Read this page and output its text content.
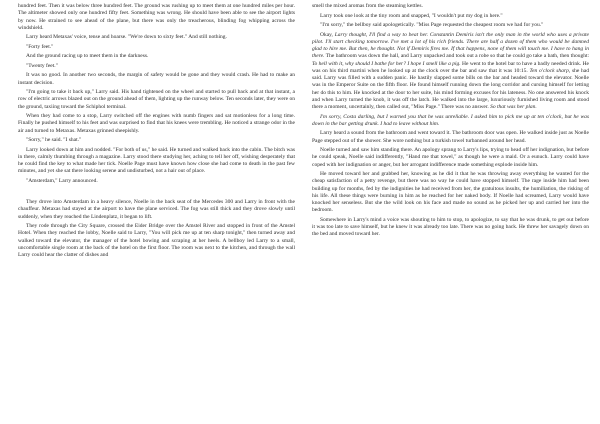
hundred feet. Then it was below three hundred feet. The ground was rushing up to meet them at one hundred miles per hour. The altimeter showed only one hundred fifty feet. Something was wrong. He should have been able to see the airport lights by now. He strained to see ahead of the plane, but there was only the treacherous, blinding fog whipping across the windshield.

Larry heard Metaxas' voice, tense and hoarse. "We're down to sixty feet." And still nothing.

"Forty feet."

And the ground racing up to meet them in the darkness.

"Twenty feet."

It was no good. In another two seconds, the margin of safety would be gone and they would crash. He had to make an instant decision.

"I'm going to take it back up," Larry said. His hand tightened on the wheel and started to pull back and at that instant, a row of electric arrows blazed out on the ground ahead of them, lighting up the runway below. Ten seconds later, they were on the ground, taxiing toward the Schiphol terminal.

When they had come to a stop, Larry switched off the engines with numb fingers and sat motionless for a long time. Finally he pushed himself to his feet and was surprised to find that his knees were trembling. He noticed a strange odor in the air and turned to Metaxas. Metaxas grinned sheepishly.

"Sorry," he said. "I shat."

Larry looked down at him and nodded. "For both of us," he said. He turned and walked back into the cabin. The bitch was in there, calmly thumbing through a magazine. Larry stood there studying her, aching to tell her off, wishing desperately that he could find the key to what made her tick. Noelle Page must have known how close she had come to death in the past few minutes, and yet she sat there looking serene and undisturbed, not a hair out of place.

"Amsterdam," Larry announced.

They drove into Amsterdam in a heavy silence, Noelle in the back seat of the Mercedes 300 and Larry in front with the chauffeur. Metaxas had stayed at the airport to have the plane serviced. The fog was still thick and they drove slowly until suddenly, when they reached the Lindenplatz, it began to lift.

They rode through the City Square, crossed the Eider Bridge over the Amstel River and stopped in front of the Amstel Hotel. When they reached the lobby, Noelle said to Larry, "You will pick me up at ten sharp tonight," then turned away and walked toward the elevator, the manager of the hotel bowing and scraping at her heels. A bellboy led Larry to a small, uncomfortable single room at the back of the hotel on the first floor. The room was next to the kitchen, and through the wall Larry could hear the clatter of dishes and

smell the mixed aromas from the steaming kettles.

Larry took one look at the tiny room and snapped, "I wouldn't put my dog in here."

"I'm sorry," the bellboy said apologetically. "Miss Page requested the cheapest room we had for you."

Okay, Larry thought, I'll find a way to beat her. Constantin Demiris isn't the only man in the world who uses a private pilot. I'll start checking tomorrow. I've met a lot of his rich friends. There are half a dozen of them who would be damned glad to hire me. But then, he thought. Not if Demiris fires me. If that happens, none of them will touch me. I have to hang in there. The bathroom was down the hall, and Larry unpacked and took out a robe so that he could go take a bath, then thought: To hell with it, why should I bathe for her? I hope I smell like a pig. He went to the hotel bar to have a badly needed drink. He was on his third martini when he looked up at the clock over the bar and saw that it was 10:15. Ten o'clock sharp, she had said. Larry was filled with a sudden panic. He hastily slapped some bills on the bar and headed toward the elevator. Noelle was in the Emperor Suite on the fifth floor. He found himself running down the long corridor and cursing himself for letting her do this to him. He knocked at the door to her suite, his mind forming excuses for his lateness. No one answered his knock and when Larry turned the knob, it was off the latch. He walked into the large, luxuriously furnished living room and stood there a moment, uncertainly, then called out, "Miss Page." There was no answer. So that was her plan.

I'm sorry, Costa darling, but I warned you that he was unreliable. I asked him to pick me up at ten o'clock, but he was down in the bar getting drunk. I had to leave without him.

Larry heard a sound from the bathroom and went toward it. The bathroom door was open. He walked inside just as Noelle Page stepped out of the shower. She wore nothing but a turkish towel turbanned around her head.

Noelle turned and saw him standing there. An apology sprang to Larry's lips, trying to head off her indignation, but before he could speak, Noelle said indifferently, "Hand me that towel," as though he were a maid. Or a eunuch. Larry could have coped with her indignation or anger, but her arrogant indifference made something explode inside him.

He moved toward her and grabbed her, knowing as he did it that he was throwing away everything he wanted for the cheap satisfaction of a petty revenge, but there was no way he could have stopped himself. The rage inside him had been building up for months, fed by the indignities he had received from her, the gratuitous insults, the humiliation, the risking of his life. All these things were burning in him as he reached for her naked body. If Noelle had screamed, Larry would have knocked her senseless. But she the wild look on his face and made no sound as he picked her up and carried her into the bedroom.

Somewhere in Larry's mind a voice was shouting to him to stop, to apologize, to say that he was drunk, to get out before it was too late to save himself, but he knew it was already too late. There was no going back. He threw her savagely down on the bed and moved toward her.
